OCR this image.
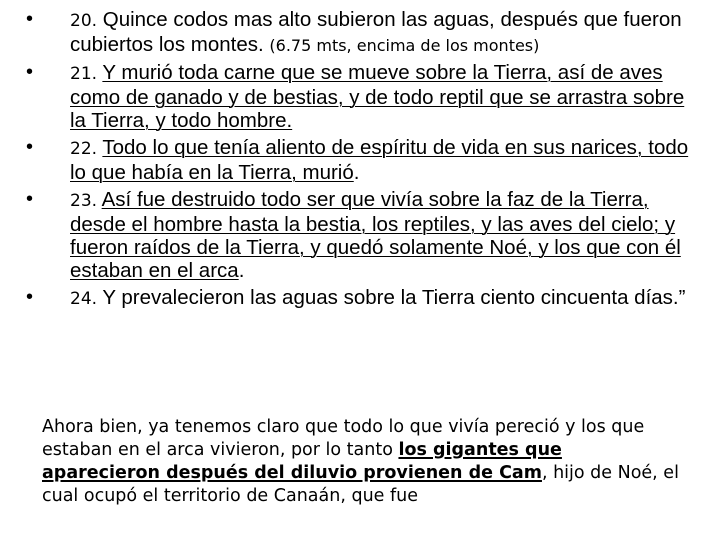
• 20. Quince codos mas alto subieron las aguas, después que fueron cubiertos los montes. (6.75 mts, encima de los montes)
• 21. Y murió toda carne que se mueve sobre la Tierra, así de aves como de ganado y de bestias, y de todo reptil que se arrastra sobre la Tierra, y todo hombre.
• 22. Todo lo que tenía aliento de espíritu de vida en sus narices, todo lo que había en la Tierra, murió.
• 23. Así fue destruido todo ser que vivía sobre la faz de la Tierra, desde el hombre hasta la bestia, los reptiles, y las aves del cielo; y fueron raídos de la Tierra, y quedó solamente Noé, y los que con él estaban en el arca.
• 24. Y prevalecieron las aguas sobre la Tierra ciento cincuenta días.”

Ahora bien, ya tenemos claro que todo lo que vivía pereció y los que estaban en el arca vivieron, por lo tanto los gigantes que aparecieron después del diluvio provienen de Cam, hijo de Noé, el cual ocupó el territorio de Canaán, que fue
